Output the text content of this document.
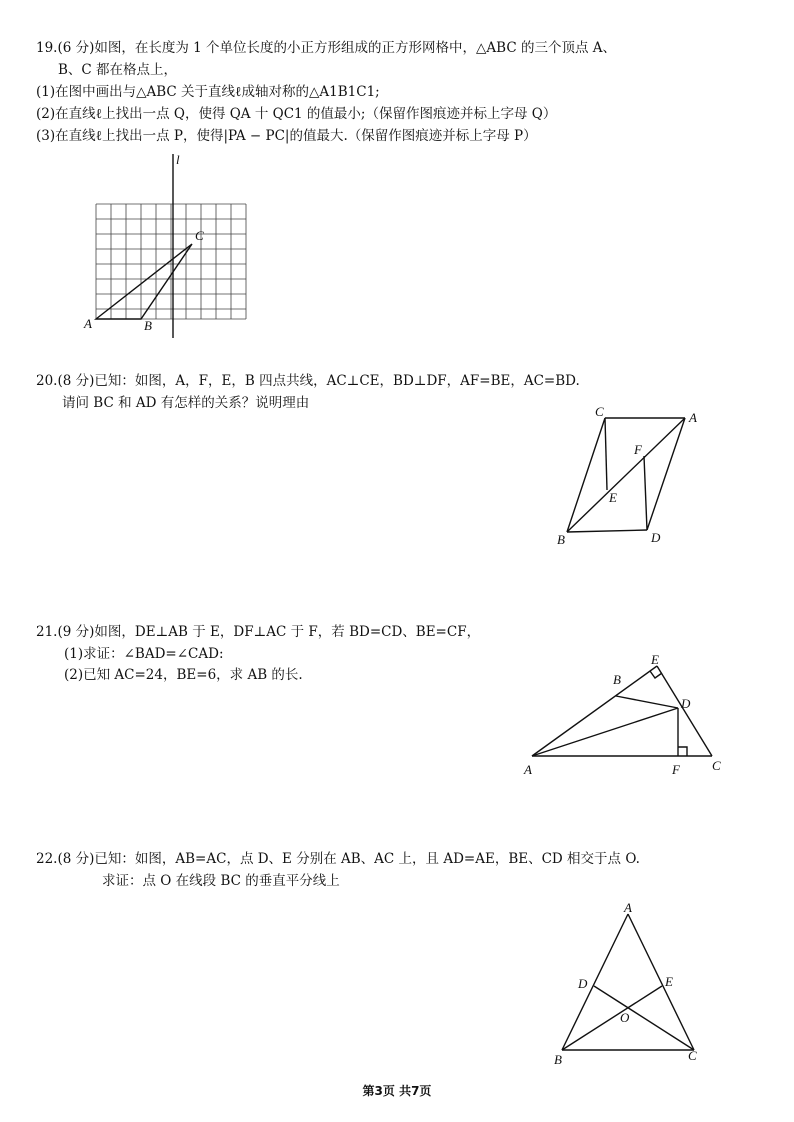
19.(6 分)如图，在长度为 1 个单位长度的小正方形组成的正方形网格中，△ABC 的三个顶点 A、
B、C 都在格点上，
(1)在图中画出与△ABC 关于直线ℓ成轴对称的△A1B1C1;
(2)在直线ℓ上找出一点 Q，使得 QA 十 QC1 的值最小;（保留作图痕迹并标上字母 Q）
(3)在直线ℓ上找出一点 P，使得|PA − PC|的值最大.（保留作图痕迹并标上字母 P）
l
C
A	B
20.(8 分)已知：如图，A，F，E，B 四点共线，AC⊥CE，BD⊥DF，AF=BE，AC=BD.
请问 BC 和 AD 有怎样的关系？说明理由
C	A
F
E
B	D
21.(9 分)如图，DE⊥AB 于 E，DF⊥AC 于 F，若 BD=CD、BE=CF，
(1)求证：∠BAD=∠CAD:
(2)已知 AC=24，BE=6，求 AB 的长.
E
B
D
A	F C
22.(8 分)已知：如图，AB=AC，点 D、E 分别在 AB、AC 上，且 AD=AE，BE、CD 相交于点 O.
求证：点 O 在线段 BC 的垂直平分线上
A
D	E
O
B	C
第3页 共7页
